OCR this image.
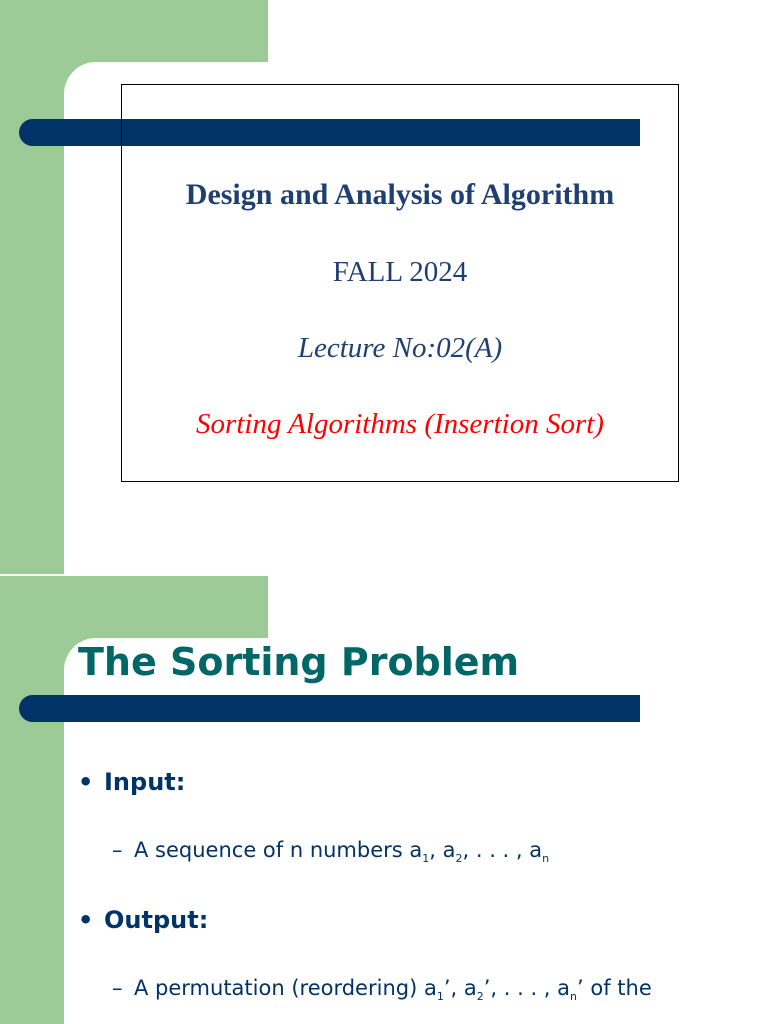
Design and Analysis of Algorithm
FALL 2024
Lecture No:02(A)
Sorting Algorithms (Insertion Sort)
The Sorting Problem
• Input:
– A sequence of n numbers $a_1$, $a_2$, . . . , $a_n$
• Output:
– A permutation (reordering) $a_1$’, $a_2$’, . . . , $a_n$’ of the
